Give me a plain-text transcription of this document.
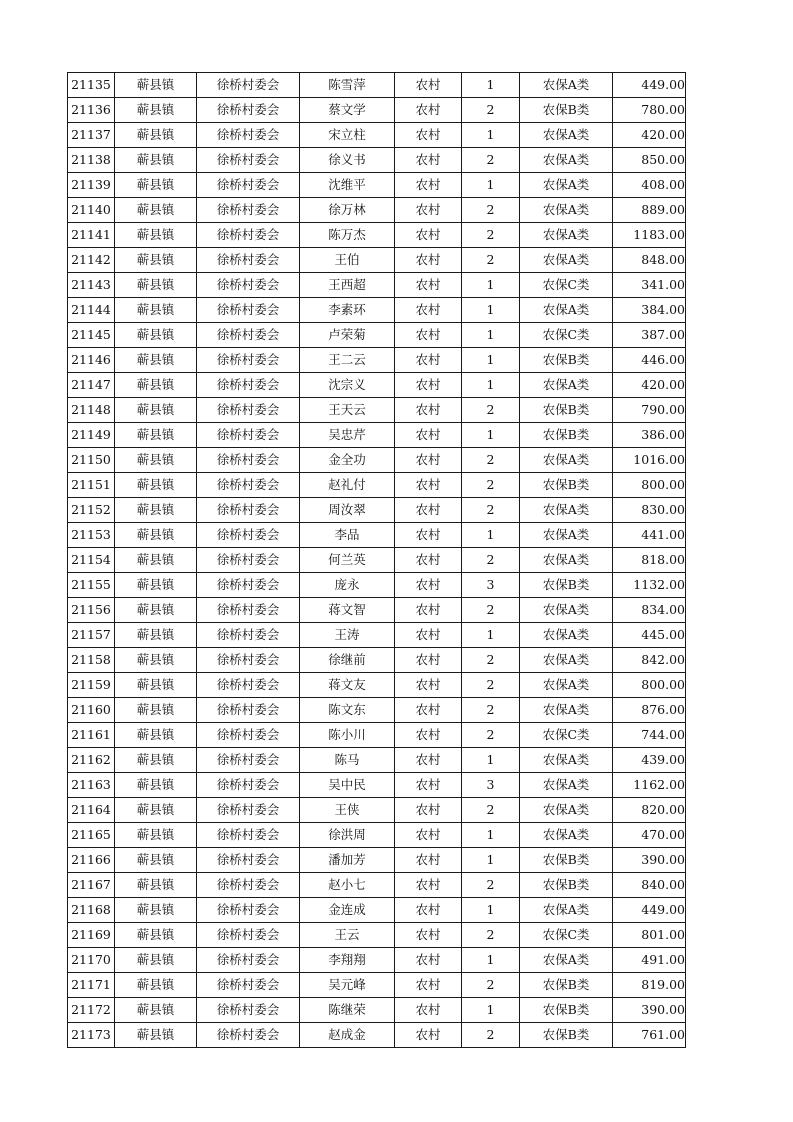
21135	蕲县镇	徐桥村委会	陈雪萍	农村	1	农保A类	449.00
21136	蕲县镇	徐桥村委会	蔡文学	农村	2	农保B类	780.00
21137	蕲县镇	徐桥村委会	宋立柱	农村	1	农保A类	420.00
21138	蕲县镇	徐桥村委会	徐义书	农村	2	农保A类	850.00
21139	蕲县镇	徐桥村委会	沈维平	农村	1	农保A类	408.00
21140	蕲县镇	徐桥村委会	徐万林	农村	2	农保A类	889.00
21141	蕲县镇	徐桥村委会	陈万杰	农村	2	农保A类	1183.00
21142	蕲县镇	徐桥村委会	王伯	农村	2	农保A类	848.00
21143	蕲县镇	徐桥村委会	王西超	农村	1	农保C类	341.00
21144	蕲县镇	徐桥村委会	李素环	农村	1	农保A类	384.00
21145	蕲县镇	徐桥村委会	卢荣菊	农村	1	农保C类	387.00
21146	蕲县镇	徐桥村委会	王二云	农村	1	农保B类	446.00
21147	蕲县镇	徐桥村委会	沈宗义	农村	1	农保A类	420.00
21148	蕲县镇	徐桥村委会	王天云	农村	2	农保B类	790.00
21149	蕲县镇	徐桥村委会	吴忠芹	农村	1	农保B类	386.00
21150	蕲县镇	徐桥村委会	金全功	农村	2	农保A类	1016.00
21151	蕲县镇	徐桥村委会	赵礼付	农村	2	农保B类	800.00
21152	蕲县镇	徐桥村委会	周汝翠	农村	2	农保A类	830.00
21153	蕲县镇	徐桥村委会	李品	农村	1	农保A类	441.00
21154	蕲县镇	徐桥村委会	何兰英	农村	2	农保A类	818.00
21155	蕲县镇	徐桥村委会	庞永	农村	3	农保B类	1132.00
21156	蕲县镇	徐桥村委会	蒋文智	农村	2	农保A类	834.00
21157	蕲县镇	徐桥村委会	王涛	农村	1	农保A类	445.00
21158	蕲县镇	徐桥村委会	徐继前	农村	2	农保A类	842.00
21159	蕲县镇	徐桥村委会	蒋文友	农村	2	农保A类	800.00
21160	蕲县镇	徐桥村委会	陈文东	农村	2	农保A类	876.00
21161	蕲县镇	徐桥村委会	陈小川	农村	2	农保C类	744.00
21162	蕲县镇	徐桥村委会	陈马	农村	1	农保A类	439.00
21163	蕲县镇	徐桥村委会	吴中民	农村	3	农保A类	1162.00
21164	蕲县镇	徐桥村委会	王侠	农村	2	农保A类	820.00
21165	蕲县镇	徐桥村委会	徐洪周	农村	1	农保A类	470.00
21166	蕲县镇	徐桥村委会	潘加芳	农村	1	农保B类	390.00
21167	蕲县镇	徐桥村委会	赵小七	农村	2	农保B类	840.00
21168	蕲县镇	徐桥村委会	金连成	农村	1	农保A类	449.00
21169	蕲县镇	徐桥村委会	王云	农村	2	农保C类	801.00
21170	蕲县镇	徐桥村委会	李翔翔	农村	1	农保A类	491.00
21171	蕲县镇	徐桥村委会	吴元峰	农村	2	农保B类	819.00
21172	蕲县镇	徐桥村委会	陈继荣	农村	1	农保B类	390.00
21173	蕲县镇	徐桥村委会	赵成金	农村	2	农保B类	761.00
